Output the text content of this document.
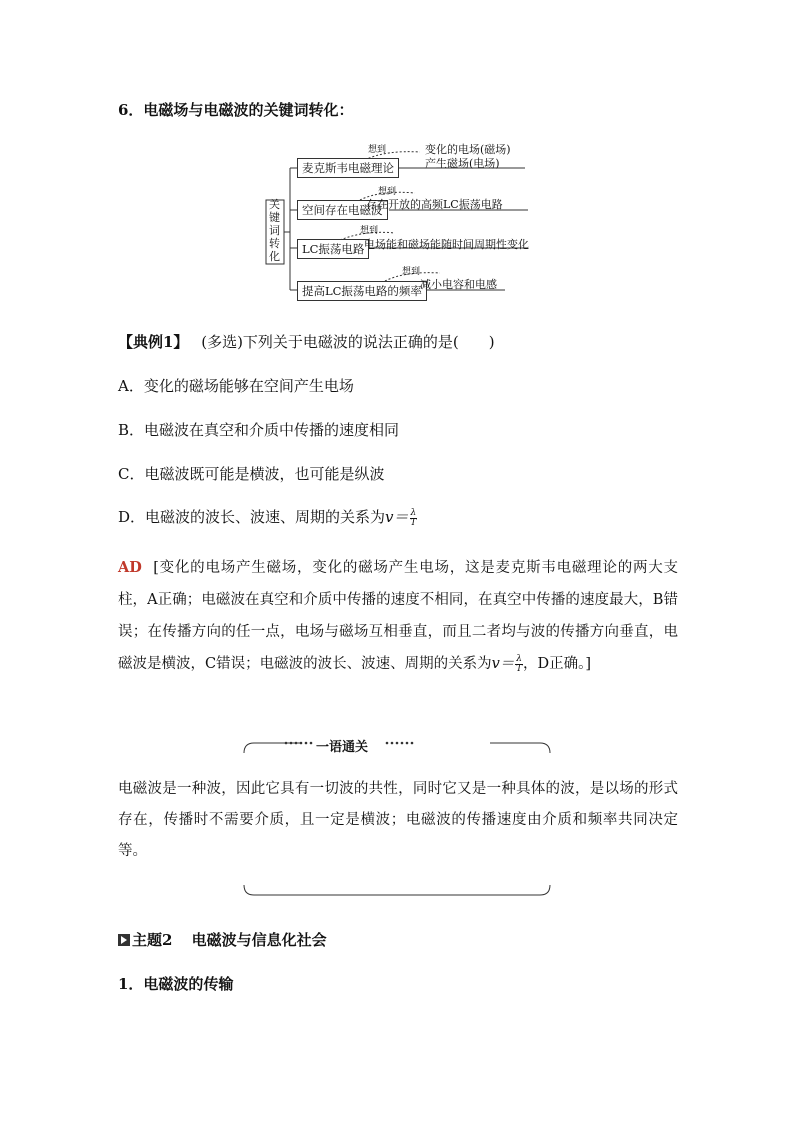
6．电磁场与电磁波的关键词转化：
关键词转化
麦克斯韦电磁理论
空间存在电磁波
LC振荡电路
提高LC振荡电路的频率
想到
想到
想到
想到
变化的电场(磁场)
产生磁场(电场)
存在开放的高频LC振荡电路
电场能和磁场能随时间周期性变化
减小电容和电感
【典例1】 (多选)下列关于电磁波的说法正确的是(　　)
A．变化的磁场能够在空间产生电场
B．电磁波在真空和介质中传播的速度相同
C．电磁波既可能是横波，也可能是纵波
D．电磁波的波长、波速、周期的关系为$v= \frac{\lambda}{T}$
AD [变化的电场产生磁场，变化的磁场产生电场，这是麦克斯韦电磁理论的两大支柱，A正确；电磁波在真空和介质中传播的速度不相同，在真空中传播的速度最大，B错误；在传播方向的任一点，电场与磁场互相垂直，而且二者均与波的传播方向垂直，电磁波是横波，C错误；电磁波的波长、波速、周期的关系为$v= \frac{\lambda}{T}$ ，D正确。]
一语通关
电磁波是一种波，因此它具有一切波的共性，同时它又是一种具体的波，是以场的形式存在，传播时不需要介质，且一定是横波；电磁波的传播速度由介质和频率共同决定等。
主题2 电磁波与信息化社会
1．电磁波的传输
